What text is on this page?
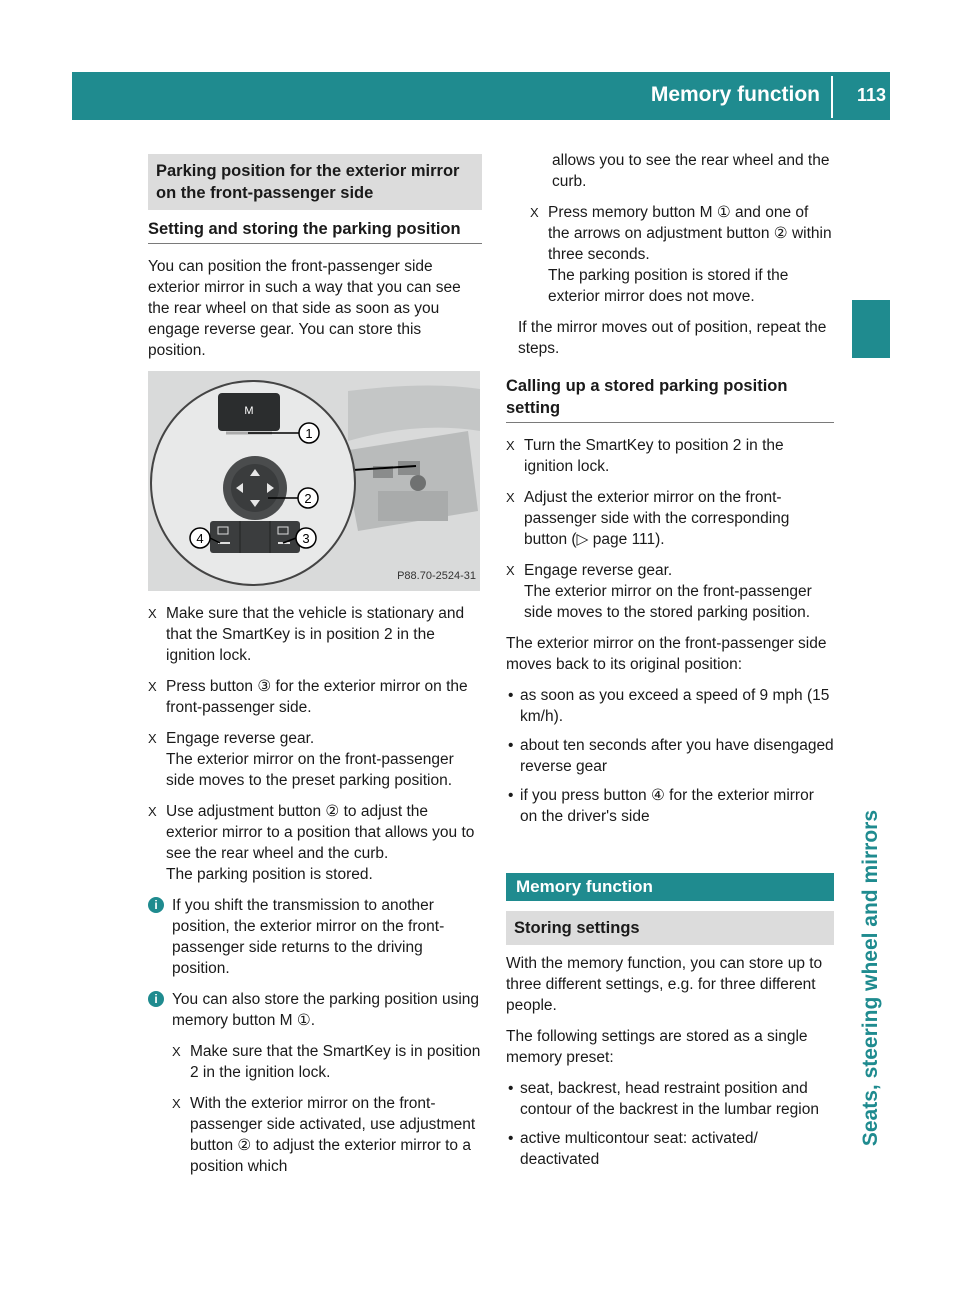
Memory function 113
Seats, steering wheel and mirrors
Parking position for the exterior mirror on the front-passenger side
Setting and storing the parking position

You can position the front-passenger side exterior mirror in such a way that you can see the rear wheel on that side as soon as you engage reverse gear. You can store this position.

M
1
2
3
4
P88.70-2524-31
X Make sure that the vehicle is stationary and that the SmartKey is in position 2 in the ignition lock.
X Press button ③ for the exterior mirror on the front-passenger side.
X Engage reverse gear.
The exterior mirror on the front-passenger side moves to the preset parking position.
X Use adjustment button ② to adjust the exterior mirror to a position that allows you to see the rear wheel and the curb.
The parking position is stored.
i If you shift the transmission to another position, the exterior mirror on the front-passenger side returns to the driving position.
i You can also store the parking position using memory button M ①.
X Make sure that the SmartKey is in position 2 in the ignition lock.
X With the exterior mirror on the front-passenger side activated, use adjustment button ② to adjust the exterior mirror to a position which

allows you to see the rear wheel and the curb.

X Press memory button M ① and one of the arrows on adjustment button ② within three seconds.
The parking position is stored if the exterior mirror does not move.

If the mirror moves out of position, repeat the steps.

Calling up a stored parking position setting
X Turn the SmartKey to position 2 in the ignition lock.
X Adjust the exterior mirror on the front-passenger side with the corresponding button (▷ page 111).
X Engage reverse gear.
The exterior mirror on the front-passenger side moves to the stored parking position.

The exterior mirror on the front-passenger side moves back to its original position:

• as soon as you exceed a speed of 9 mph (15 km/h).
• about ten seconds after you have disengaged reverse gear
• if you press button ④ for the exterior mirror on the driver's side
Memory function
Storing settings

With the memory function, you can store up to three different settings, e.g. for three different people.

The following settings are stored as a single memory preset:

• seat, backrest, head restraint position and contour of the backrest in the lumbar region
• active multicontour seat: activated/ deactivated
